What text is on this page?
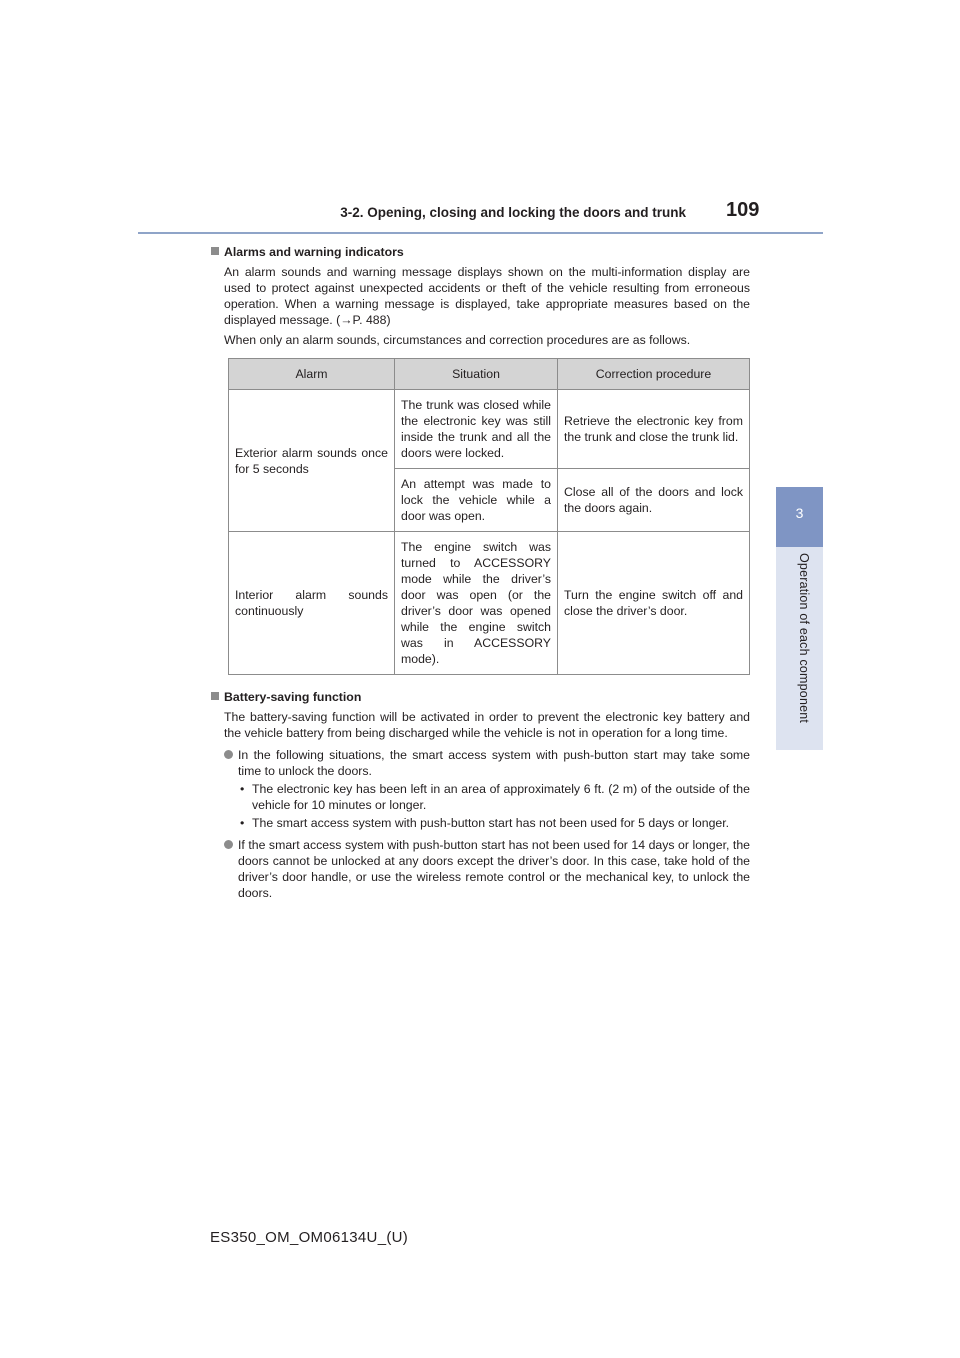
3-2. Opening, closing and locking the doors and trunk 109
3
Operation of each component
Alarms and warning indicators

An alarm sounds and warning message displays shown on the multi-information display are used to protect against unexpected accidents or theft of the vehicle resulting from erroneous operation. When a warning message is displayed, take appropriate measures based on the displayed message. (→P. 488)

When only an alarm sounds, circumstances and correction procedures are as follows.

Alarm	Situation	Correction procedure
Exterior alarm sounds once for 5 seconds	The trunk was closed while the electronic key was still inside the trunk and all the doors were locked.	Retrieve the electronic key from the trunk and close the trunk lid.
	An attempt was made to lock the vehicle while a door was open.	Close all of the doors and lock the doors again.
Interior alarm sounds continuously	The engine switch was turned to ACCESSORY mode while the driver’s door was open (or the driver’s door was opened while the engine switch was in ACCESSORY mode).	Turn the engine switch off and close the driver’s door.
Battery-saving function

The battery-saving function will be activated in order to prevent the electronic key battery and the vehicle battery from being discharged while the vehicle is not in operation for a long time.

In the following situations, the smart access system with push-button start may take some time to unlock the doors.
• The electronic key has been left in an area of approximately 6 ft. (2 m) of the outside of the vehicle for 10 minutes or longer.
• The smart access system with push-button start has not been used for 5 days or longer.
If the smart access system with push-button start has not been used for 14 days or longer, the doors cannot be unlocked at any doors except the driver’s door. In this case, take hold of the driver’s door handle, or use the wireless remote control or the mechanical key, to unlock the doors.
ES350_OM_OM06134U_(U)
